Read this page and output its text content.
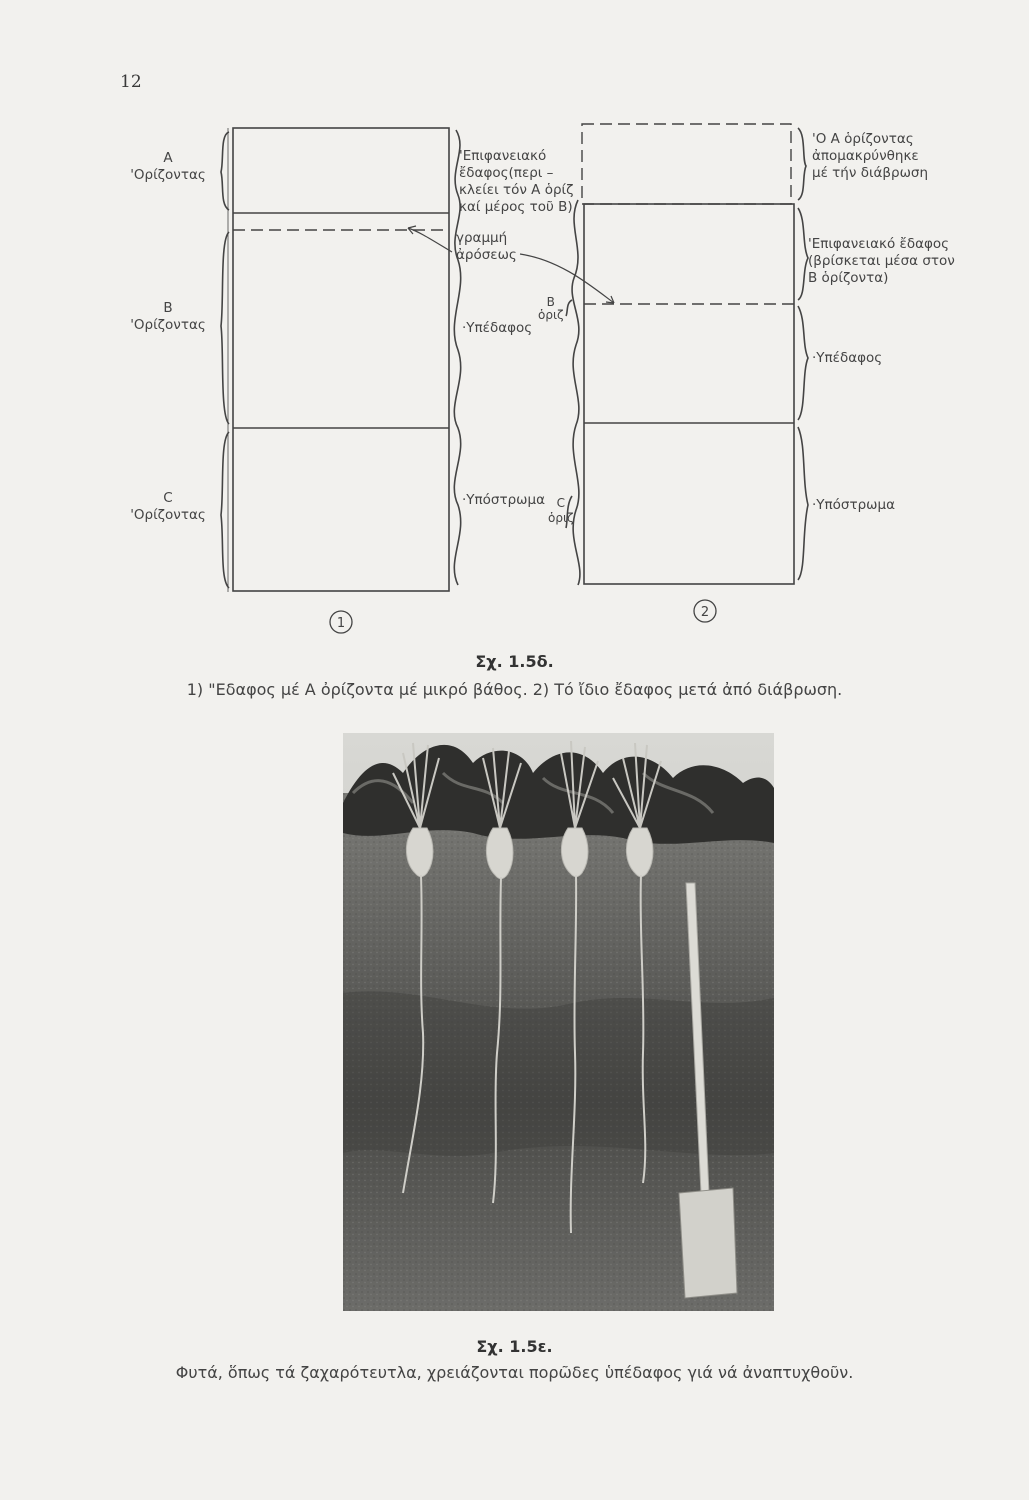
12
1
2
A
'Ορίζοντας
B
'Ορίζοντας
C
'Ορίζοντας
'Επιφανειακό
ἔδαφος(περι –
κλείει τόν Α ὁρίζ
καί μέρος τοῦ Β)
γραμμή
ἀρόσεως
·Υπέδαφος
·Υπόστρωμα
B
ὁριζ
C
ὁριζ
'Ο Α ὁρίζοντας
ἀπομακρύνθηκε
μέ τήν διάβρωση
'Επιφανειακό ἔδαφος
(βρίσκεται μέσα στον
Β ὁρίζοντα)
·Υπέδαφος
·Υπόστρωμα
Σχ. 1.5δ.
1) "Εδαφος μέ Α ὀρίζοντα μέ μικρό βάθος. 2) Τό ἴδιο ἔδαφος μετά ἀπό διάβρωση.
Σχ. 1.5ε.
Φυτά, ὅπως τά ζαχαρότευτλα, χρειάζονται πορῶδες ὑπέδαφος γιά νά ἀναπτυχθοῦν.
